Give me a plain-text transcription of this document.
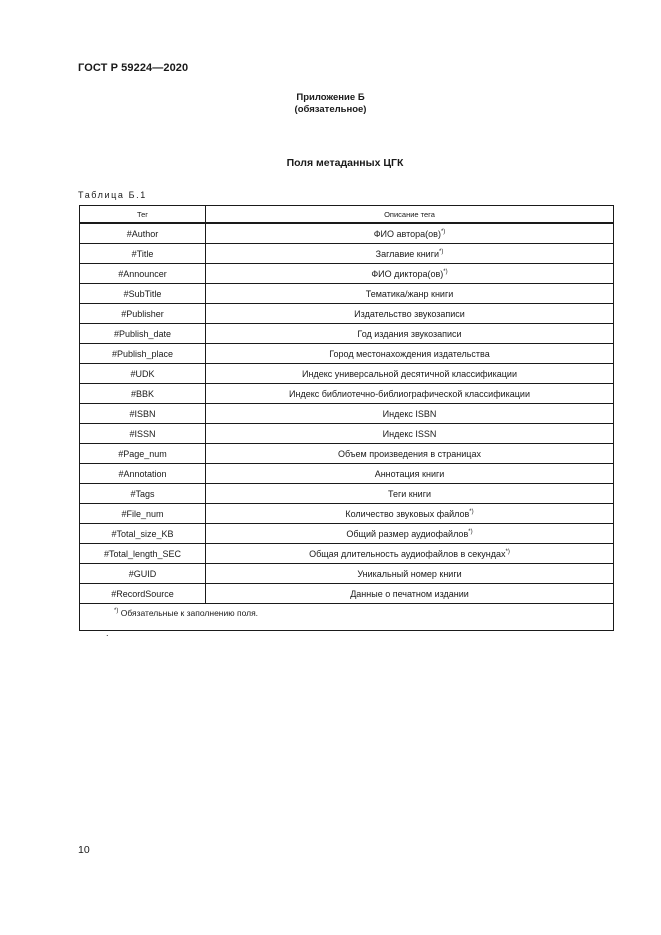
ГОСТ Р 59224—2020
Приложение Б
(обязательное)
Поля метаданных ЦГК
Таблица Б.1
Тег	Описание тега
#Author	ФИО автора(ов)*)
#Title	Заглавие книги*)
#Announcer	ФИО диктора(ов)*)
#SubTitle	Тематика/жанр книги
#Publisher	Издательство звукозаписи
#Publish_date	Год издания звукозаписи
#Publish_place	Город местонахождения издательства
#UDK	Индекс универсальной десятичной классификации
#BBK	Индекс библиотечно-библиографической классификации
#ISBN	Индекс ISBN
#ISSN	Индекс ISSN
#Page_num	Объем произведения в страницах
#Annotation	Аннотация книги
#Tags	Теги книги
#File_num	Количество звуковых файлов*)
#Total_size_KB	Общий размер аудиофайлов*)
#Total_length_SEC	Общая длительность аудиофайлов в секундах*)
#GUID	Уникальный номер книги
#RecordSource	Данные о печатном издании
*) Обязательные к заполнению поля.	
.
10
